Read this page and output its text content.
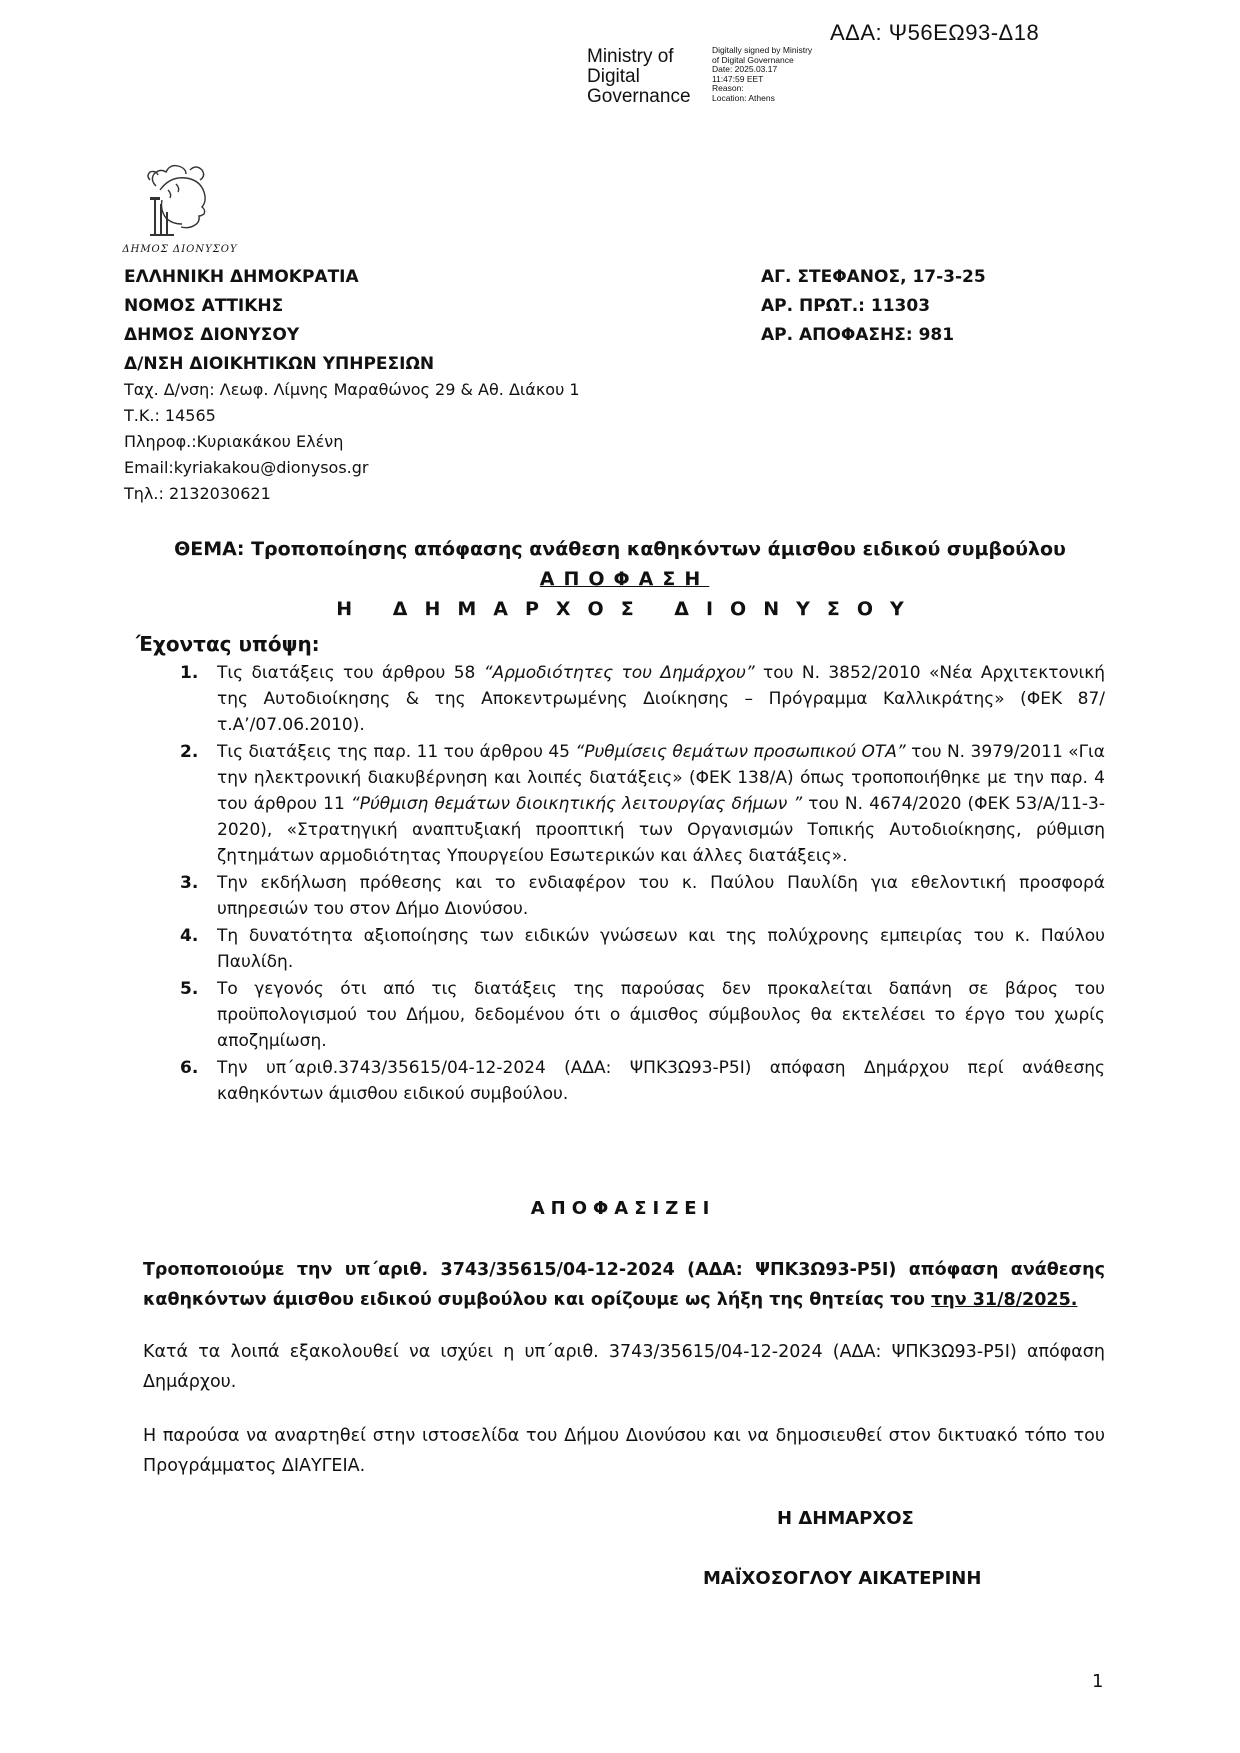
ΑΔΑ: Ψ56ΕΩ93-Δ18
Ministry of
Digital
Governance
Digitally signed by Ministry
of Digital Governance
Date: 2025.03.17
11:47:59 EET
Reason:
Location: Athens
ΔΗΜΟΣ ΔΙΟΝΥΣΟΥ
ΕΛΛΗΝΙΚΗ ΔΗΜΟΚΡΑΤΙΑ
ΝΟΜΟΣ ΑΤΤΙΚΗΣ
ΔΗΜΟΣ ΔΙΟΝΥΣΟΥ
Δ/ΝΣΗ ΔΙΟΙΚΗΤΙΚΩΝ ΥΠΗΡΕΣΙΩΝ
Ταχ. Δ/νση: Λεωφ. Λίμνης Μαραθώνος 29 & Αθ. Διάκου 1
Τ.Κ.: 14565
Πληροφ.:Κυριακάκου Ελένη
Email:kyriakakou@dionysos.gr
Τηλ.: 2132030621
ΑΓ. ΣΤΕΦΑΝΟΣ, 17-3-25
ΑΡ. ΠΡΩΤ.: 11303
ΑΡ. ΑΠΟΦΑΣΗΣ: 981
ΘΕΜΑ: Τροποποίησης απόφασης ανάθεση καθηκόντων άμισθου ειδικού συμβούλου
ΑΠΟΦΑΣΗ
Η ΔΗΜΑΡΧΟΣ ΔΙΟΝΥΣΟΥ
Έχοντας υπόψη:
1.	Τις διατάξεις του άρθρου 58 “Αρμοδιότητες του Δημάρχου” του Ν. 3852/2010 «Νέα Αρχιτεκτονική της Αυτοδιοίκησης & της Αποκεντρωμένης Διοίκησης – Πρόγραμμα Καλλικράτης» (ΦΕΚ 87/τ.Α’/07.06.2010).
2.	Τις διατάξεις της παρ. 11 του άρθρου 45 “Ρυθμίσεις θεμάτων προσωπικού ΟΤΑ” του Ν. 3979/2011 «Για την ηλεκτρονική διακυβέρνηση και λοιπές διατάξεις» (ΦΕΚ 138/Α) όπως τροποποιήθηκε με την παρ. 4 του άρθρου 11 “Ρύθμιση θεμάτων διοικητικής λειτουργίας δήμων ” του Ν. 4674/2020 (ΦΕΚ 53/Α/11-3-2020), «Στρατηγική αναπτυξιακή προοπτική των Οργανισμών Τοπικής Αυτοδιοίκησης, ρύθμιση ζητημάτων αρμοδιότητας Υπουργείου Εσωτερικών και άλλες διατάξεις».
3.	Την εκδήλωση πρόθεσης και το ενδιαφέρον του κ. Παύλου Παυλίδη για εθελοντική προσφορά υπηρεσιών του στον Δήμο Διονύσου.
4.	Τη δυνατότητα αξιοποίησης των ειδικών γνώσεων και της πολύχρονης εμπειρίας του κ. Παύλου Παυλίδη.
5.	Το γεγονός ότι από τις διατάξεις της παρούσας δεν προκαλείται δαπάνη σε βάρος του προϋπολογισμού του Δήμου, δεδομένου ότι ο άμισθος σύμβουλος θα εκτελέσει το έργο του χωρίς αποζημίωση.
6.	Την υπ΄αριθ.3743/35615/04-12-2024 (ΑΔΑ: ΨΠΚ3Ω93-Ρ5Ι) απόφαση Δημάρχου περί ανάθεσης καθηκόντων άμισθου ειδικού συμβούλου.
ΑΠΟΦΑΣΙΖΕΙ
Τροποποιούμε την υπ΄αριθ. 3743/35615/04-12-2024 (ΑΔΑ: ΨΠΚ3Ω93-Ρ5Ι) απόφαση ανάθεσης καθηκόντων άμισθου ειδικού συμβούλου και ορίζουμε ως λήξη της θητείας του την 31/8/2025.
Κατά τα λοιπά εξακολουθεί να ισχύει η υπ΄αριθ. 3743/35615/04-12-2024 (ΑΔΑ: ΨΠΚ3Ω93-Ρ5Ι) απόφαση Δημάρχου.
Η παρούσα να αναρτηθεί στην ιστοσελίδα του Δήμου Διονύσου και να δημοσιευθεί στον δικτυακό τόπο του Προγράμματος ΔΙΑΥΓΕΙΑ.
Η ΔΗΜΑΡΧΟΣ
ΜΑΪΧΟΣΟΓΛΟΥ ΑΙΚΑΤΕΡΙΝΗ
1
